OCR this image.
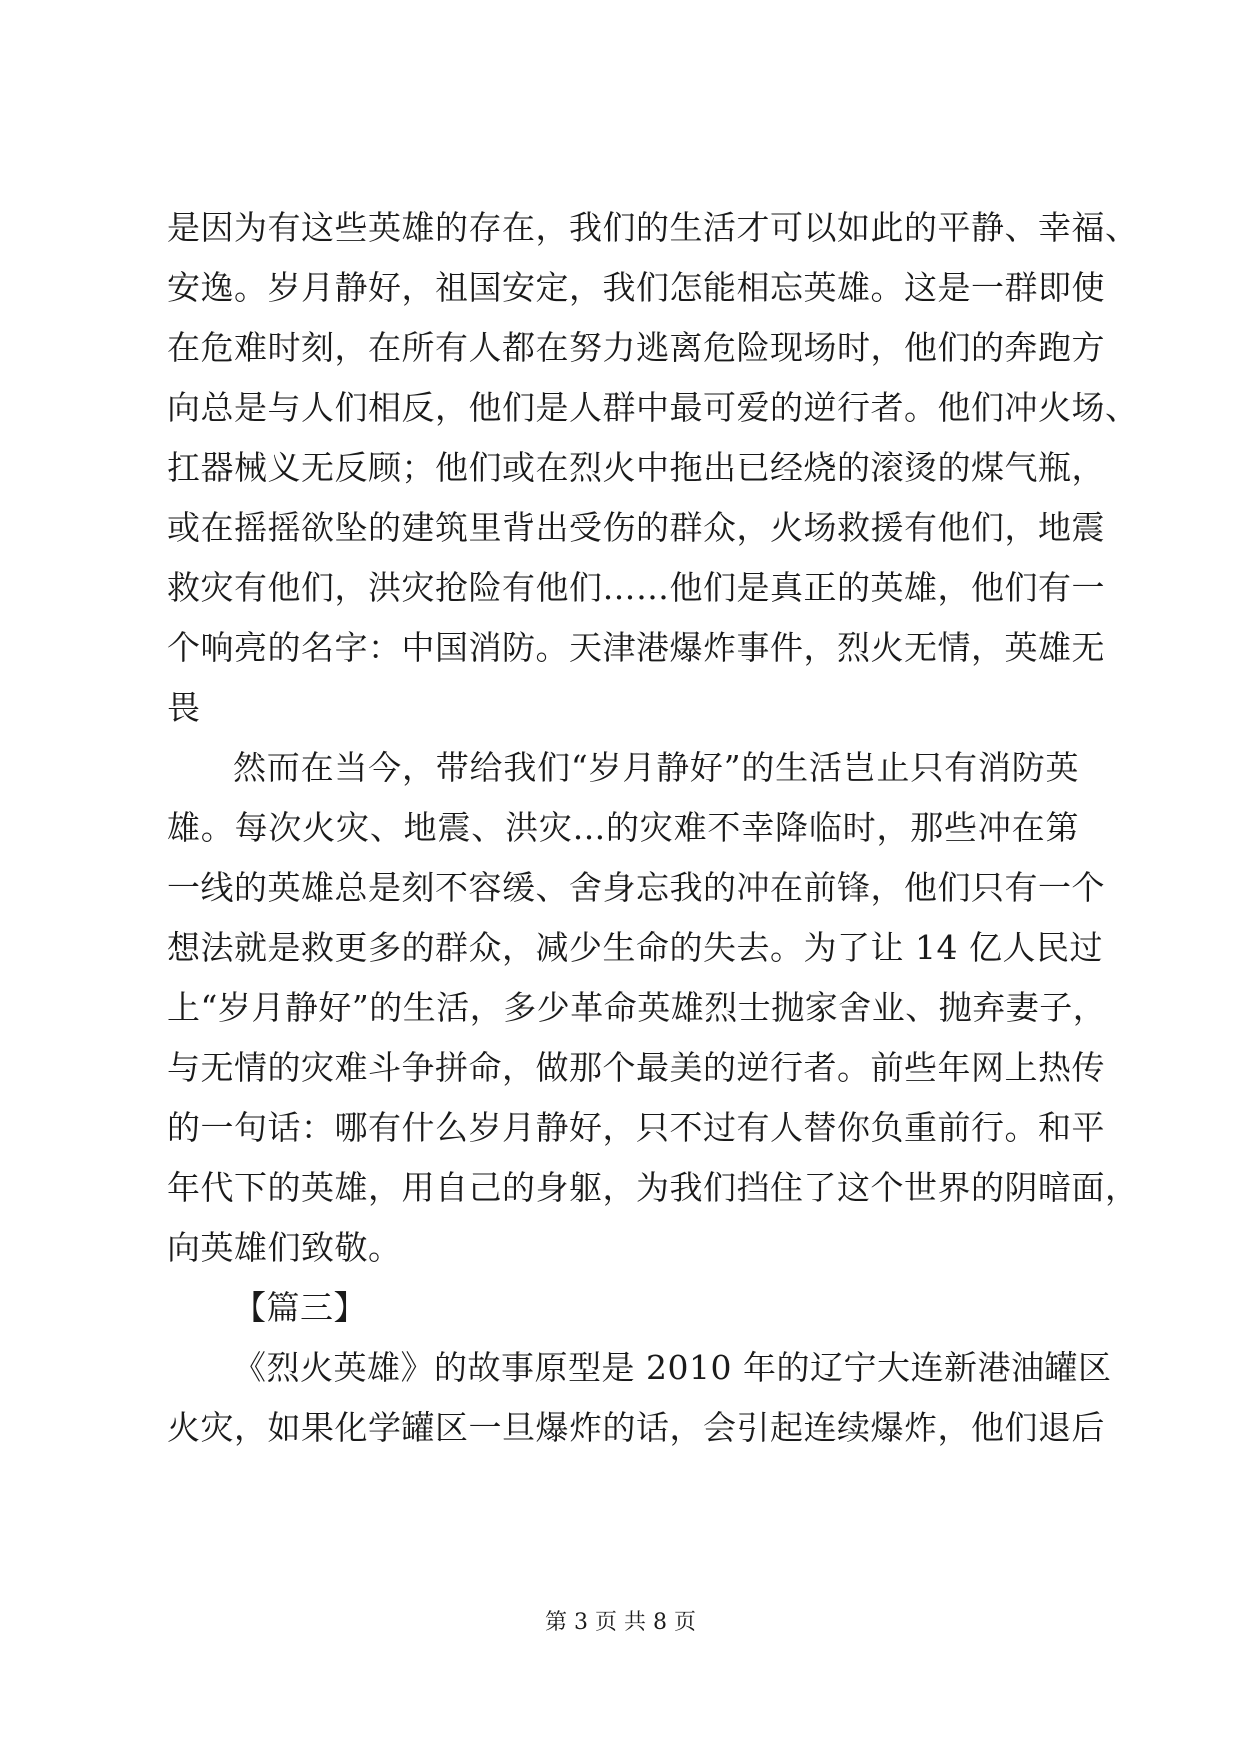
是因为有这些英雄的存在，我们的生活才可以如此的平静、幸福、
安逸。岁月静好，祖国安定，我们怎能相忘英雄。这是一群即使
在危难时刻，在所有人都在努力逃离危险现场时，他们的奔跑方
向总是与人们相反，他们是人群中最可爱的逆行者。他们冲火场、
扛器械义无反顾；他们或在烈火中拖出已经烧的滚烫的煤气瓶，
或在摇摇欲坠的建筑里背出受伤的群众，火场救援有他们，地震
救灾有他们，洪灾抢险有他们……他们是真正的英雄，他们有一
个响亮的名字：中国消防。天津港爆炸事件，烈火无情，英雄无
畏
然而在当今，带给我们“岁月静好”的生活岂止只有消防英
雄。每次火灾、地震、洪灾...的灾难不幸降临时，那些冲在第
一线的英雄总是刻不容缓、舍身忘我的冲在前锋，他们只有一个
想法就是救更多的群众，减少生命的失去。为了让 14 亿人民过
上“岁月静好”的生活，多少革命英雄烈士抛家舍业、抛弃妻子，
与无情的灾难斗争拼命，做那个最美的逆行者。前些年网上热传
的一句话：哪有什么岁月静好，只不过有人替你负重前行。和平
年代下的英雄，用自己的身躯，为我们挡住了这个世界的阴暗面，
向英雄们致敬。
【篇三】
《烈火英雄》的故事原型是 2010 年的辽宁大连新港油罐区
火灾，如果化学罐区一旦爆炸的话，会引起连续爆炸，他们退后
第 3 页 共 8 页
